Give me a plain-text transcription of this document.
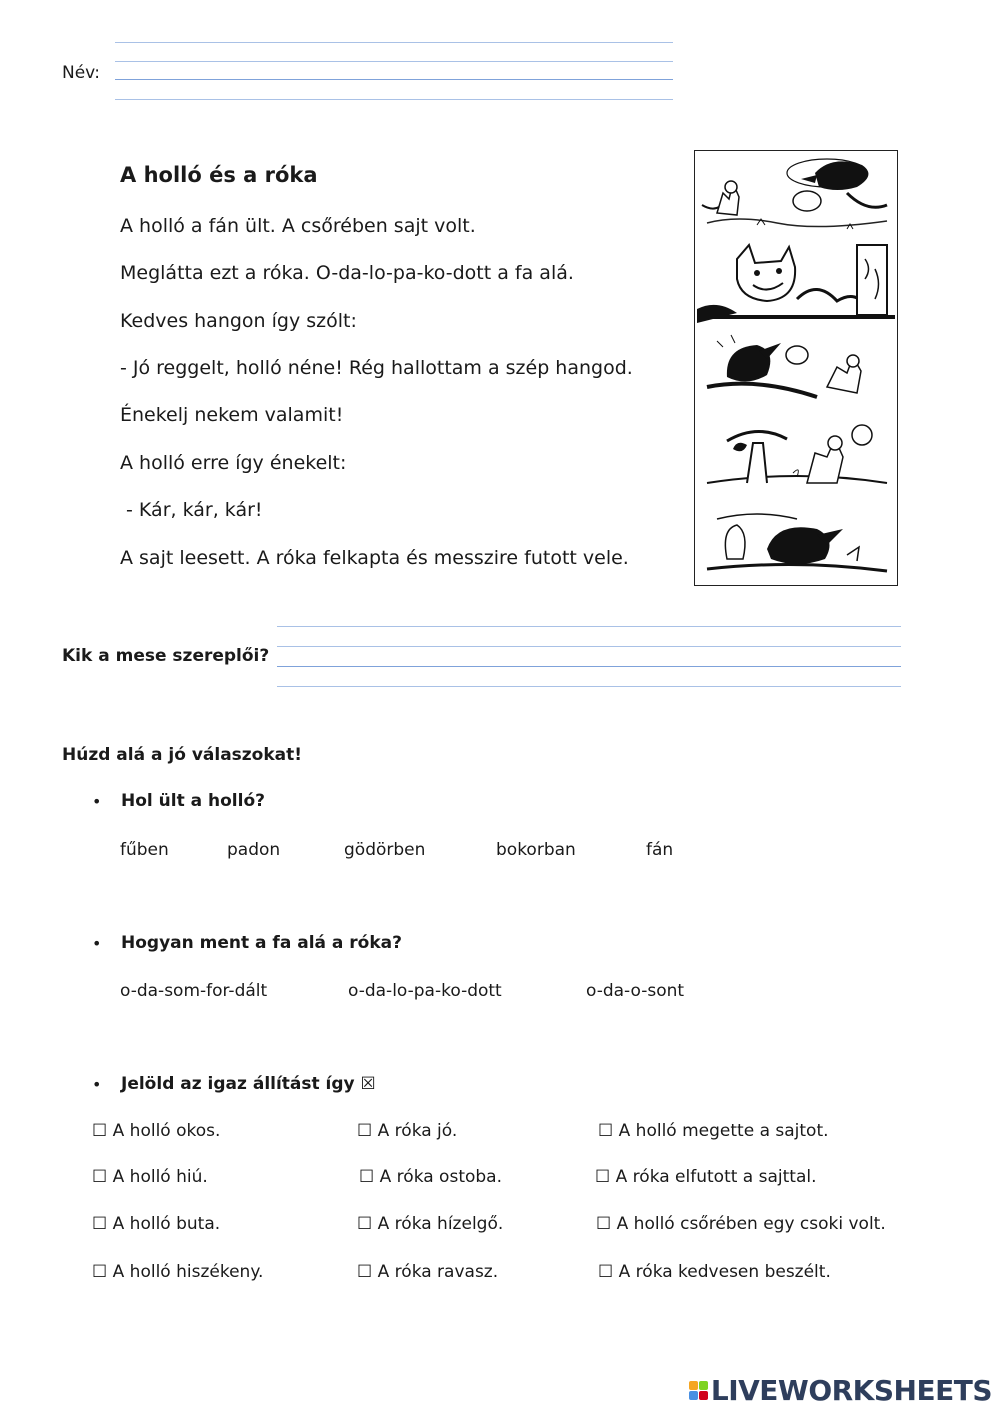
Név:
A holló és a róka
A holló a fán ült. A csőrében sajt volt.
Meglátta ezt a róka. O-da-lo-pa-ko-dott a fa alá.
Kedves hangon így szólt:
- Jó reggelt, holló néne! Rég hallottam a szép hangod.
Énekelj nekem valamit!
A holló erre így énekelt:
- Kár, kár, kár!
A sajt leesett. A róka felkapta és messzire futott vele.
Kik a mese szereplői?
Húzd alá a jó válaszokat!
• Hol ült a holló?
fűben	padon	gödörben	bokorban	fán
• Hogyan ment a fa alá a róka?
o-da-som-for-dált	o-da-lo-pa-ko-dott	o-da-o-sont
• Jelöld az igaz állítást így ☒
☐ A holló okos.	☐ A róka jó.	☐ A holló megette a sajtot.
☐ A holló hiú.	☐ A róka ostoba.	☐ A róka elfutott a sajttal.
☐ A holló buta.	☐ A róka hízelgő.	☐ A holló csőrében egy csoki volt.
☐ A holló hiszékeny.	☐ A róka ravasz.	☐ A róka kedvesen beszélt.
LIVEWORKSHEETS
